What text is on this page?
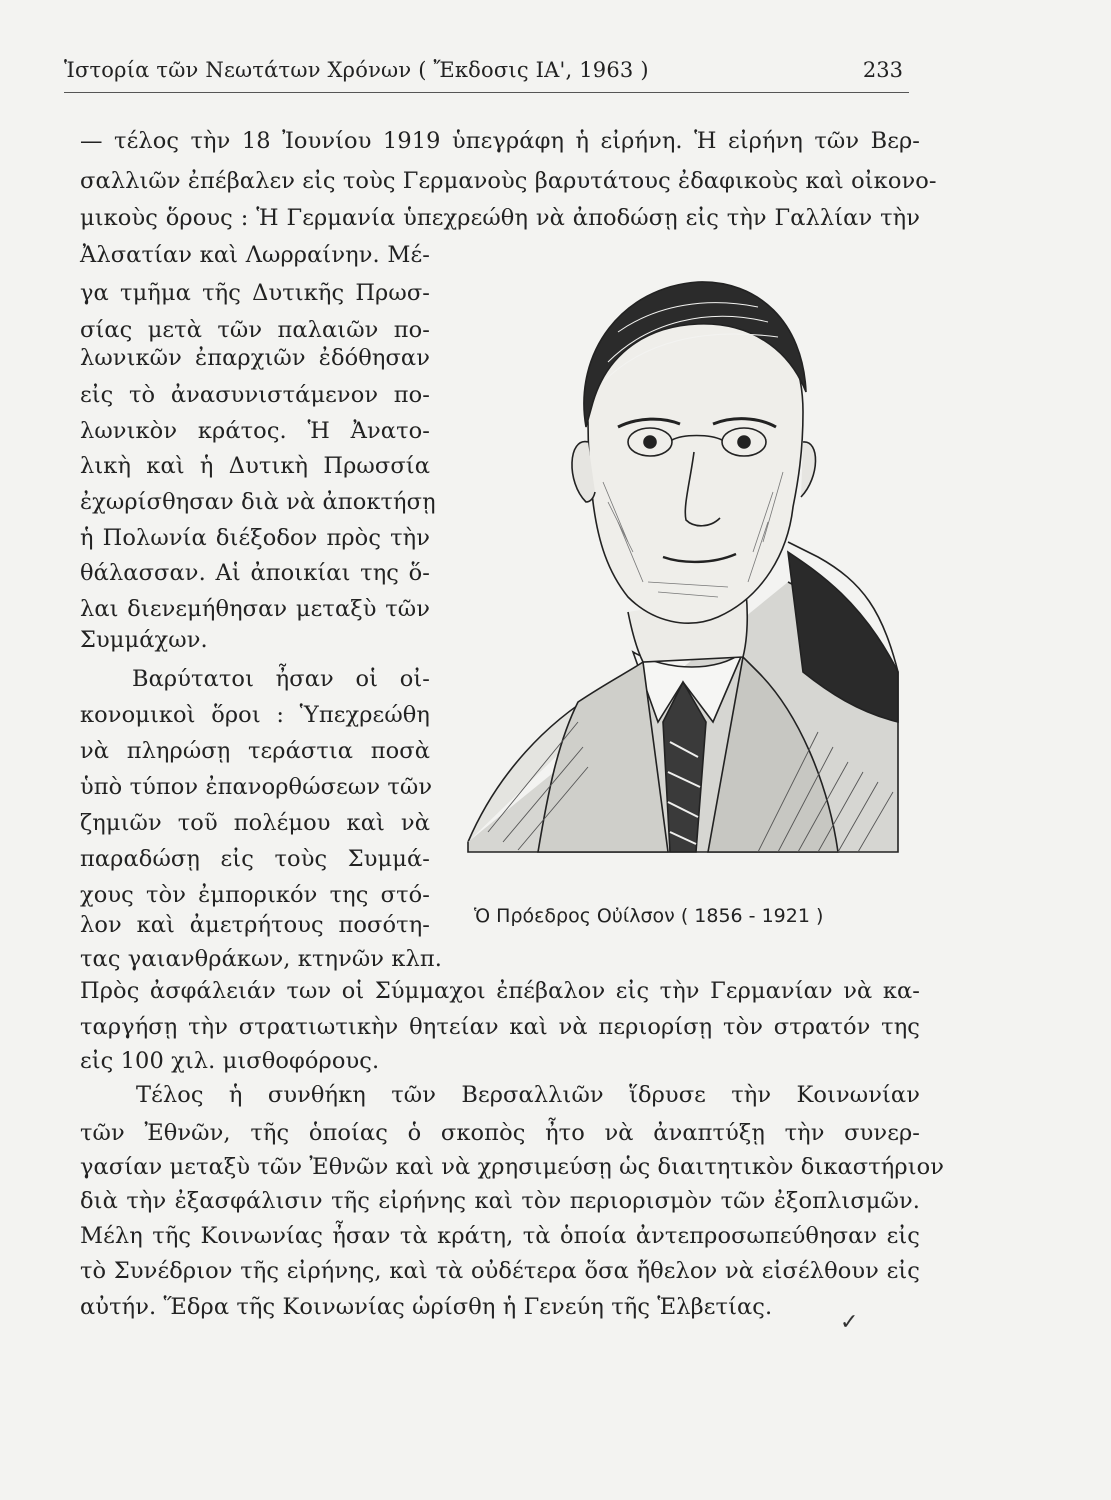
Ἱστορία τῶν Νεωτάτων Χρόνων ( Ἔκδοσις ΙΑ', 1963 )	233
— τέλος τὴν 18 Ἰουνίου 1919 ὑπεγράφη ἡ εἰρήνη. Ἡ εἰρήνη τῶν Βερ-
σαλλιῶν ἐπέβαλεν εἰς τοὺς Γερμανοὺς βαρυτάτους ἐδαφικοὺς καὶ οἰκονο-
μικοὺς ὅρους : Ἡ Γερμανία ὑπεχρεώθη νὰ ἀποδώσῃ εἰς τὴν Γαλλίαν τὴν
Ἀλσατίαν καὶ Λωρραίνην. Μέ-
γα τμῆμα τῆς Δυτικῆς Πρωσ-
σίας μετὰ τῶν παλαιῶν πο-
λωνικῶν ἐπαρχιῶν ἐδόθησαν
εἰς τὸ ἀνασυνιστάμενον πο-
λωνικὸν κράτος. Ἡ Ἀνατο-
λικὴ καὶ ἡ Δυτικὴ Πρωσσία
ἐχωρίσθησαν διὰ νὰ ἀποκτήσῃ
ἡ Πολωνία διέξοδον πρὸς τὴν
θάλασσαν. Αἱ ἀποικίαι της ὅ-
λαι διενεμήθησαν μεταξὺ τῶν
Συμμάχων.
Βαρύτατοι ἦσαν οἱ οἰ-
κονομικοὶ ὅροι : Ὑπεχρεώθη
νὰ πληρώσῃ τεράστια ποσὰ
ὑπὸ τύπον ἐπανορθώσεων τῶν
ζημιῶν τοῦ πολέμου καὶ νὰ
παραδώσῃ εἰς τοὺς Συμμά-
χους τὸν ἐμπορικόν της στό-
λον καὶ ἀμετρήτους ποσότη-
τας γαιανθράκων, κτηνῶν κλπ.
Ὁ Πρόεδρος Οὐίλσον ( 1856 - 1921 )
Πρὸς ἀσφάλειάν των οἱ Σύμμαχοι ἐπέβαλον εἰς τὴν Γερμανίαν νὰ κα-
ταργήσῃ τὴν στρατιωτικὴν θητείαν καὶ νὰ περιορίσῃ τὸν στρατόν της
εἰς 100 χιλ. μισθοφόρους.
Τέλος ἡ συνθήκη τῶν Βερσαλλιῶν ἵδρυσε τὴν Κοινωνίαν
τῶν Ἐθνῶν, τῆς ὁποίας ὁ σκοπὸς ἦτο νὰ ἀναπτύξῃ τὴν συνερ-
γασίαν μεταξὺ τῶν Ἐθνῶν καὶ νὰ χρησιμεύσῃ ὡς διαιτητικὸν δικαστήριον
διὰ τὴν ἐξασφάλισιν τῆς εἰρήνης καὶ τὸν περιορισμὸν τῶν ἐξοπλισμῶν.
Μέλη τῆς Κοινωνίας ἦσαν τὰ κράτη, τὰ ὁποία ἀντεπροσωπεύθησαν εἰς
τὸ Συνέδριον τῆς εἰρήνης, καὶ τὰ οὐδέτερα ὅσα ἤθελον νὰ εἰσέλθουν εἰς
αὐτήν. Ἕδρα τῆς Κοινωνίας ὡρίσθη ἡ Γενεύη τῆς Ἑλβετίας.
✓
